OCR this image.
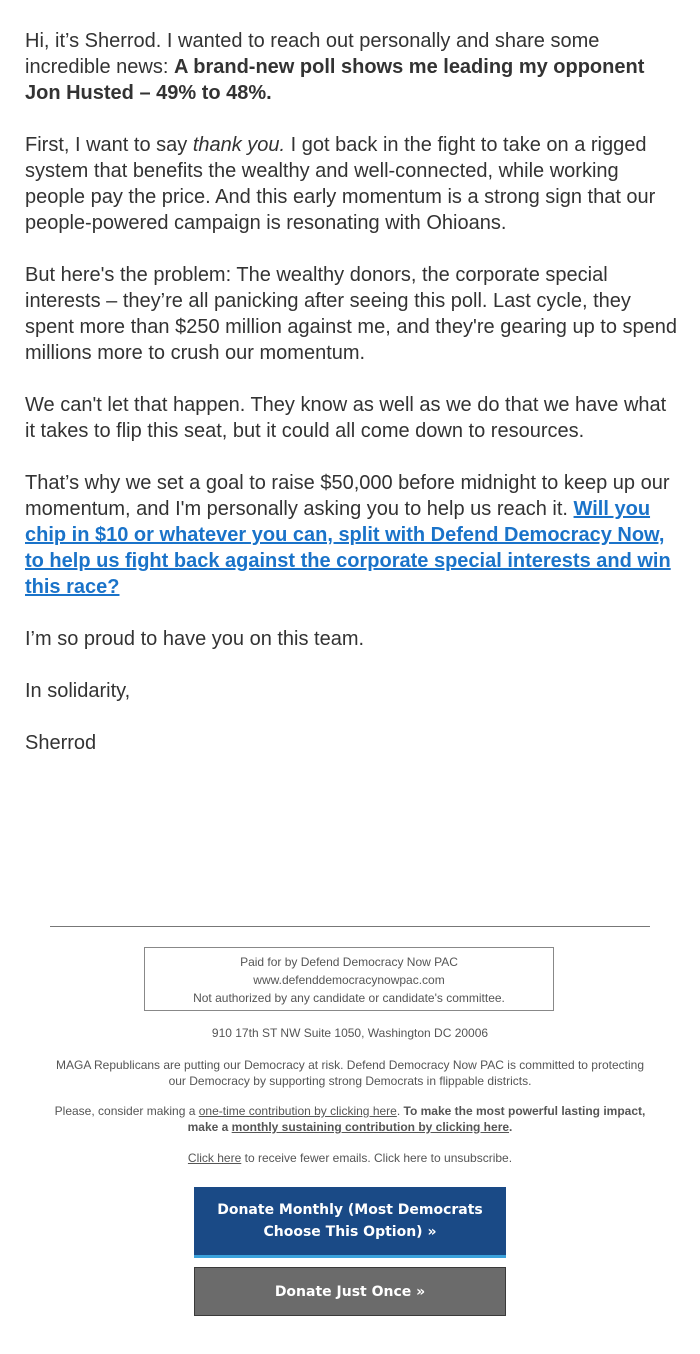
Hi, it’s Sherrod. I wanted to reach out personally and share some incredible news: A brand-new poll shows me leading my opponent Jon Husted – 49% to 48%.

First, I want to say thank you. I got back in the fight to take on a rigged system that benefits the wealthy and well-connected, while working people pay the price. And this early momentum is a strong sign that our people-powered campaign is resonating with Ohioans.

But here's the problem: The wealthy donors, the corporate special interests – they’re all panicking after seeing this poll. Last cycle, they spent more than $250 million against me, and they're gearing up to spend millions more to crush our momentum.

We can't let that happen. They know as well as we do that we have what it takes to flip this seat, but it could all come down to resources.

That’s why we set a goal to raise $50,000 before midnight to keep up our momentum, and I'm personally asking you to help us reach it. Will you chip in $10 or whatever you can, split with Defend Democracy Now, to help us fight back against the corporate special interests and win this race?

I’m so proud to have you on this team.

In solidarity,

Sherrod

Paid for by Defend Democracy Now PAC
www.defenddemocracynowpac.com
Not authorized by any candidate or candidate's committee.
910 17th ST NW Suite 1050, Washington DC 20006
MAGA Republicans are putting our Democracy at risk. Defend Democracy Now PAC is committed to protecting our Democracy by supporting strong Democrats in flippable districts.
Please, consider making a one-time contribution by clicking here. To make the most powerful lasting impact, make a monthly sustaining contribution by clicking here.
Click here to receive fewer emails. Click here to unsubscribe.
Donate Monthly (Most Democrats Choose This Option) »
Donate Just Once »
